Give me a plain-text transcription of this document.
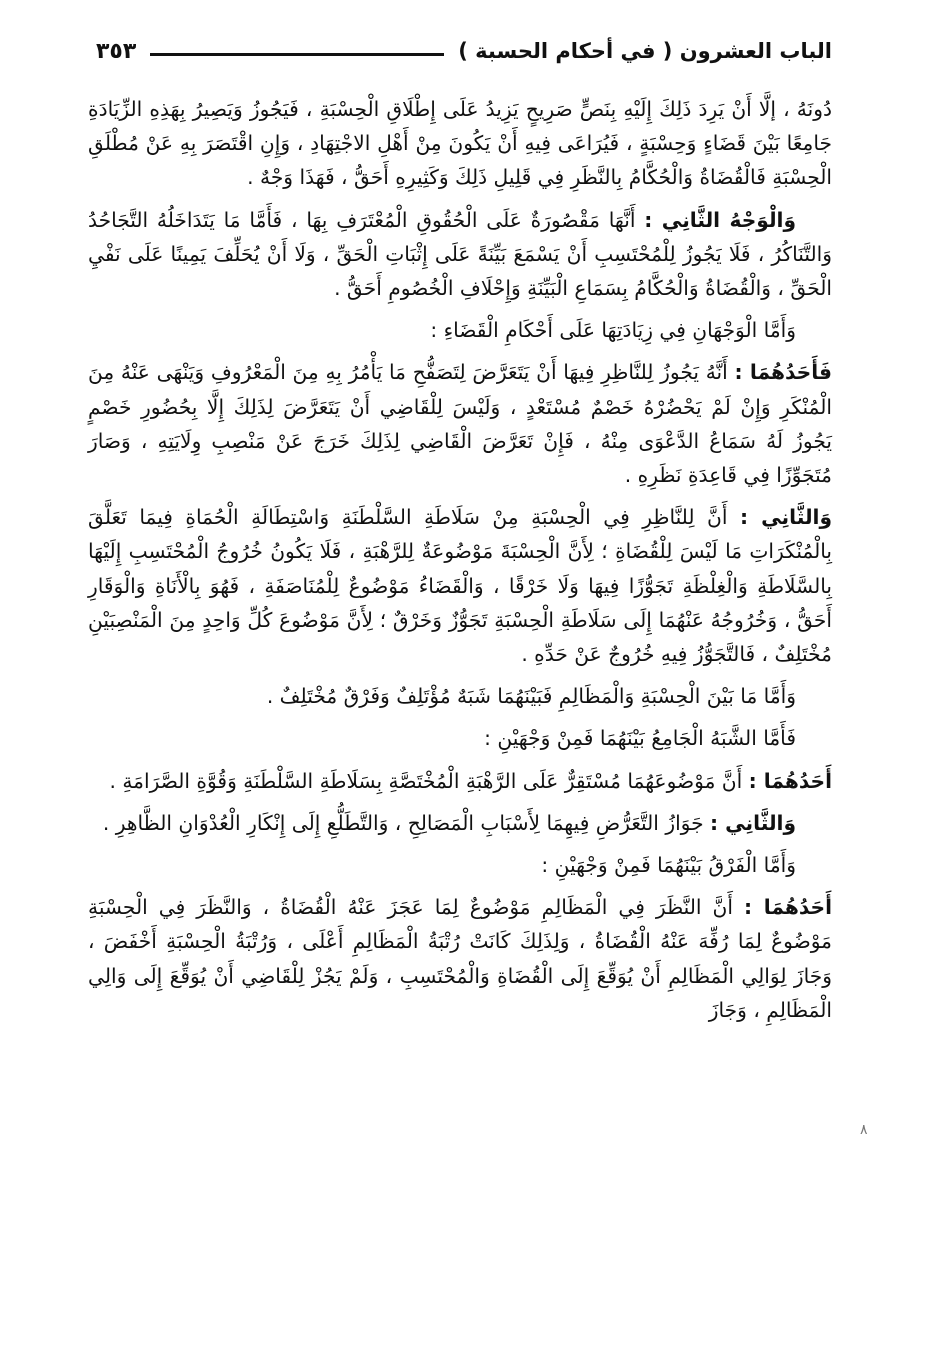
الباب العشرون ( في أحكام الحسبة )
٣٥٣

دُونَهُ ، إلَّا أَنْ يَرِدَ ذَلِكَ إِلَيْهِ بِنَصٍّ صَرِيحٍ يَزِيدُ عَلَى إِطْلَاقِ الْحِسْبَةِ ، فَيَجُوزُ وَيَصِيرُ بِهَذِهِ الزِّيَادَةِ جَامِعًا بَيْنَ قَضَاءٍ وَحِسْبَةٍ ، فَيُرَاعَى فِيهِ أَنْ يَكُونَ مِنْ أَهْلِ الاجْتِهَادِ ، وَإِنِ اقْتَصَرَ بِهِ عَنْ مُطْلَقِ الْحِسْبَةِ فَالْقُضَاةُ وَالْحُكَّامُ بِالنَّظَرِ فِي قَلِيلِ ذَلِكَ وَكَثِيرِهِ أَحَقُّ ، فَهَذَا وَجْهٌ .

وَالْوَجْهُ الثَّانِي : أَنَّهَا مَقْصُورَةٌ عَلَى الْحُقُوقِ الْمُعْتَرَفِ بِهَا ، فَأَمَّا مَا يَتَدَاخَلُهُ التَّجَاحُدُ وَالتَّنَاكُرُ ، فَلَا يَجُوزُ لِلْمُحْتَسِبِ أَنْ يَسْمَعَ بَيِّنَةً عَلَى إِثْبَاتِ الْحَقِّ ، وَلَا أَنْ يُحَلِّفَ يَمِينًا عَلَى نَفْيِ الْحَقِّ ، وَالْقُضَاةُ وَالْحُكَّامُ بِسَمَاعِ الْبَيِّنَةِ وَإِحْلَافِ الْخُصُومِ أَحَقُّ .

وَأَمَّا الْوَجْهَانِ فِي زِيَادَتِهَا عَلَى أَحْكَامِ الْقَضَاءِ :

فَأَحَدُهُمَا : أَنَّهُ يَجُوزُ لِلنَّاظِرِ فِيهَا أَنْ يَتَعَرَّضَ لِتَصَفُّحِ مَا يَأْمُرُ بِهِ مِنَ الْمَعْرُوفِ وَيَنْهَى عَنْهُ مِنَ الْمُنْكَرِ وَإِنْ لَمْ يَحْضُرْهُ خَصْمٌ مُسْتَعْدٍ ، وَلَيْسَ لِلْقَاضِي أَنْ يَتَعَرَّضَ لِذَلِكَ إِلَّا بِحُضُورِ خَصْمٍ يَجُوزُ لَهُ سَمَاعُ الدَّعْوَى مِنْهُ ، فَإِنْ تَعَرَّضَ الْقَاضِي لِذَلِكَ خَرَجَ عَنْ مَنْصِبِ وِلَايَتِهِ ، وَصَارَ مُتَجَوِّزًا فِي قَاعِدَةِ نَظَرِهِ .

وَالثَّانِي : أَنَّ لِلنَّاظِرِ فِي الْحِسْبَةِ مِنْ سَلَاطَةِ السَّلْطَنَةِ وَاسْتِطَالَةِ الْحُمَاةِ فِيمَا تَعَلَّقَ بِالْمُنْكَرَاتِ مَا لَيْسَ لِلْقُضَاةِ ؛ لِأَنَّ الْحِسْبَةَ مَوْضُوعَةٌ لِلرَّهْبَةِ ، فَلَا يَكُونُ خُرُوجُ الْمُحْتَسِبِ إِلَيْهَا بِالسَّلَاطَةِ وَالْغِلْظَةِ تَجَوُّزًا فِيهَا وَلَا خَرْقًا ، وَالْقَضَاءُ مَوْضُوعٌ لِلْمُنَاصَفَةِ ، فَهُوَ بِالْأَنَاةِ وَالْوَقَارِ أَحَقُّ ، وَخُرُوجُهُ عَنْهُمَا إِلَى سَلَاطَةِ الْحِسْبَةِ تَجَوُّزٌ وَخَرْقٌ ؛ لِأَنَّ مَوْضُوعَ كُلِّ وَاحِدٍ مِنَ الْمَنْصِبَيْنِ مُخْتَلِفٌ ، فَالتَّجَوُّزُ فِيهِ خُرُوجٌ عَنْ حَدِّهِ .

وَأَمَّا مَا بَيْنَ الْحِسْبَةِ وَالْمَظَالِمِ فَبَيْنَهُمَا شَبَهٌ مُؤْتَلِفٌ وَفَرْقٌ مُخْتَلِفٌ .

فَأَمَّا الشَّبَهُ الْجَامِعُ بَيْنَهُمَا فَمِنْ وَجْهَيْنِ :

أَحَدُهُمَا : أَنَّ مَوْضُوعَهُمَا مُسْتَقِرٌّ عَلَى الرَّهْبَةِ الْمُخْتَصَّةِ بِسَلَاطَةِ السَّلْطَنَةِ وَقُوَّةِ الصَّرَامَةِ .

وَالثَّانِي : جَوَازُ التَّعَرُّضِ فِيهِمَا لِأَسْبَابِ الْمَصَالِحِ ، وَالتَّطَلُّعِ إِلَى إِنْكَارِ الْعُدْوَانِ الظَّاهِرِ .

وَأَمَّا الْفَرْقُ بَيْنَهُمَا فَمِنْ وَجْهَيْنِ :

أَحَدُهُمَا : أَنَّ النَّظَرَ فِي الْمَظَالِمِ مَوْضُوعٌ لِمَا عَجَزَ عَنْهُ الْقُضَاةُ ، وَالنَّظَرَ فِي الْحِسْبَةِ مَوْضُوعٌ لِمَا رُفِّهَ عَنْهُ الْقُضَاةُ ، وَلِذَلِكَ كَانَتْ رُتْبَةُ الْمَظَالِمِ أَعْلَى ، وَرُتْبَةُ الْحِسْبَةِ أَخْفَضَ ، وَجَازَ لِوَالِي الْمَظَالِمِ أَنْ يُوَقِّعَ إِلَى الْقُضَاةِ وَالْمُحْتَسِبِ ، وَلَمْ يَجُزْ لِلْقَاضِي أَنْ يُوَقِّعَ إِلَى وَالِي الْمَظَالِمِ ، وَجَازَ

٨
